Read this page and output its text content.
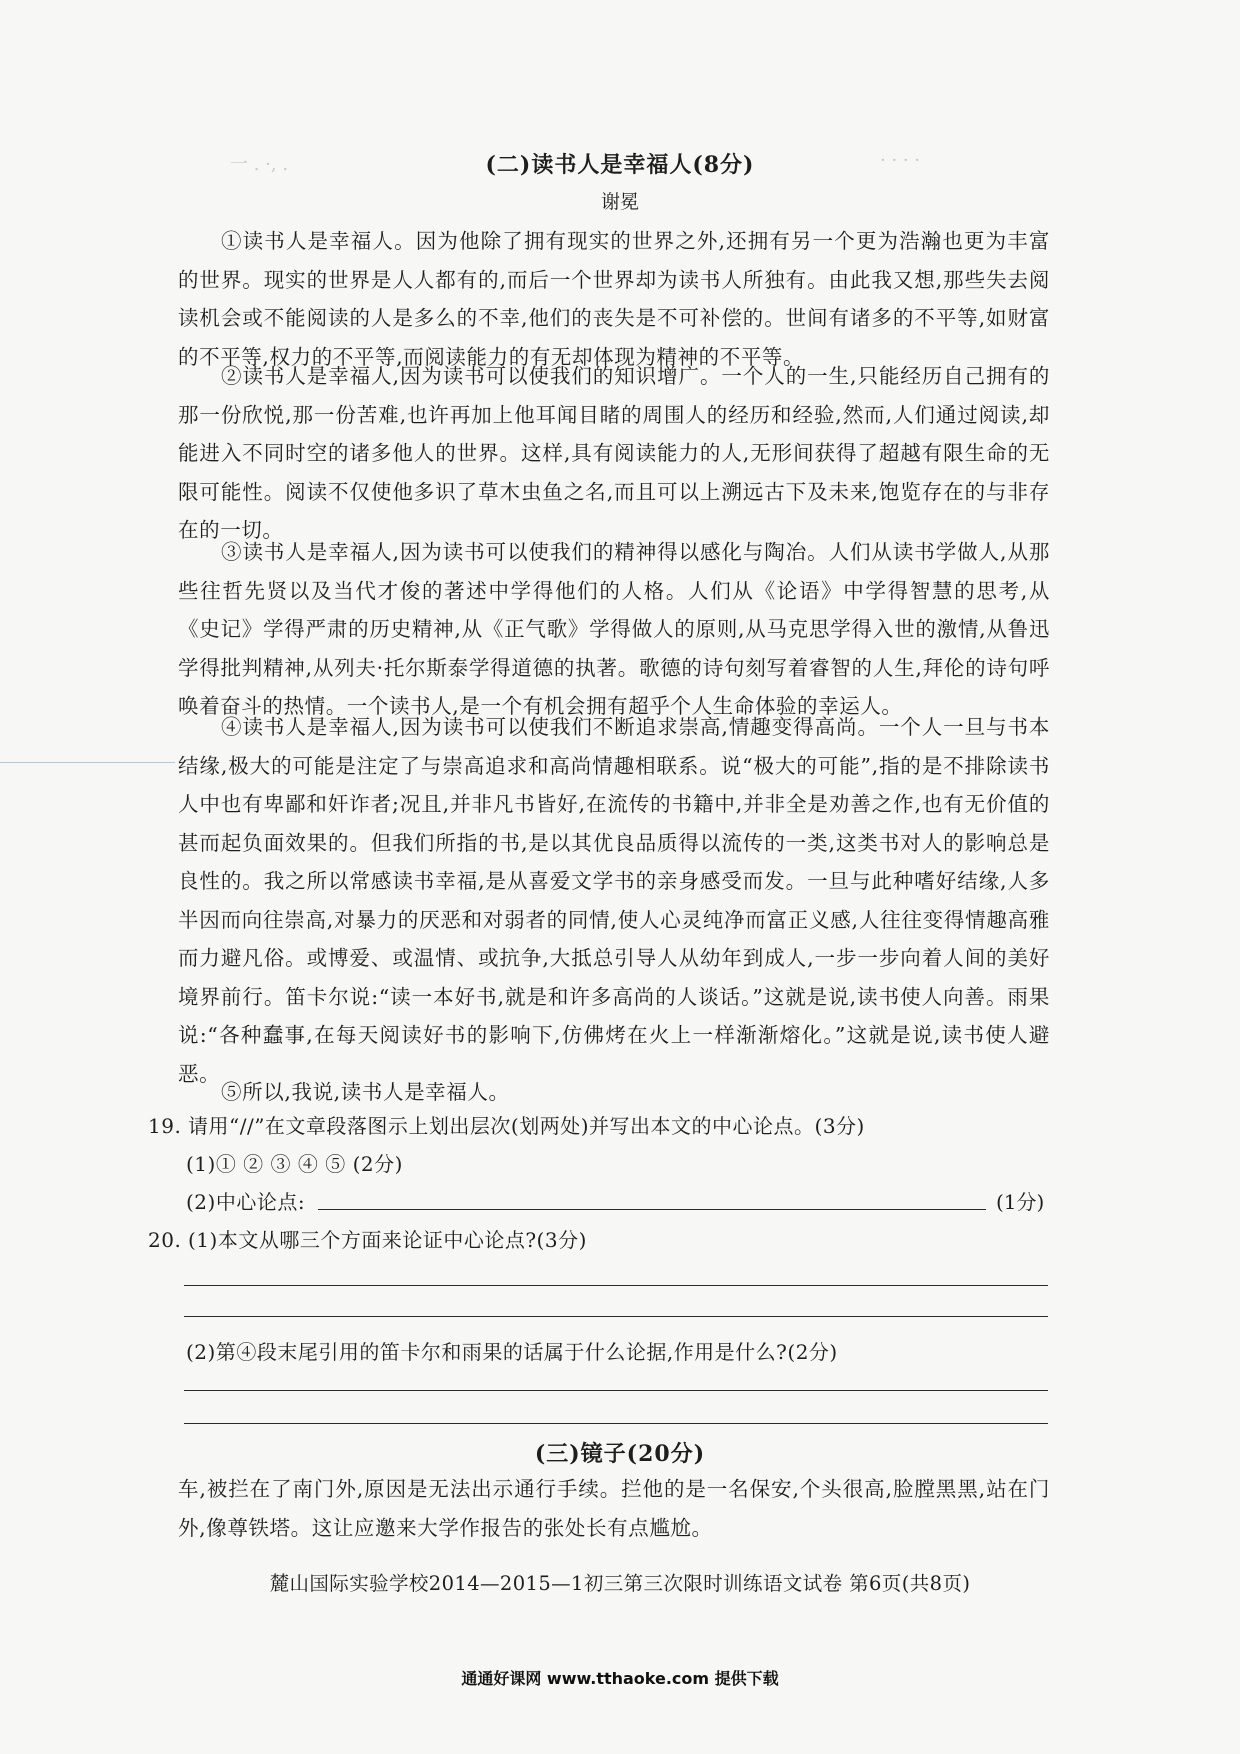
一 . ·, .	· · · ·
(二)读书人是幸福人(8分)
谢冕

①读书人是幸福人。因为他除了拥有现实的世界之外,还拥有另一个更为浩瀚也更为丰富的世界。现实的世界是人人都有的,而后一个世界却为读书人所独有。由此我又想,那些失去阅读机会或不能阅读的人是多么的不幸,他们的丧失是不可补偿的。世间有诸多的不平等,如财富的不平等,权力的不平等,而阅读能力的有无却体现为精神的不平等。

②读书人是幸福人,因为读书可以使我们的知识增广。一个人的一生,只能经历自己拥有的那一份欣悦,那一份苦难,也许再加上他耳闻目睹的周围人的经历和经验,然而,人们通过阅读,却能进入不同时空的诸多他人的世界。这样,具有阅读能力的人,无形间获得了超越有限生命的无限可能性。阅读不仅使他多识了草木虫鱼之名,而且可以上溯远古下及未来,饱览存在的与非存在的一切。

③读书人是幸福人,因为读书可以使我们的精神得以感化与陶冶。人们从读书学做人,从那些往哲先贤以及当代才俊的著述中学得他们的人格。人们从《论语》中学得智慧的思考,从《史记》学得严肃的历史精神,从《正气歌》学得做人的原则,从马克思学得入世的激情,从鲁迅学得批判精神,从列夫·托尔斯泰学得道德的执著。歌德的诗句刻写着睿智的人生,拜伦的诗句呼唤着奋斗的热情。一个读书人,是一个有机会拥有超乎个人生命体验的幸运人。

④读书人是幸福人,因为读书可以使我们不断追求崇高,情趣变得高尚。一个人一旦与书本结缘,极大的可能是注定了与崇高追求和高尚情趣相联系。说“极大的可能”,指的是不排除读书人中也有卑鄙和奸诈者;况且,并非凡书皆好,在流传的书籍中,并非全是劝善之作,也有无价值的甚而起负面效果的。但我们所指的书,是以其优良品质得以流传的一类,这类书对人的影响总是良性的。我之所以常感读书幸福,是从喜爱文学书的亲身感受而发。一旦与此种嗜好结缘,人多半因而向往崇高,对暴力的厌恶和对弱者的同情,使人心灵纯净而富正义感,人往往变得情趣高雅而力避凡俗。或博爱、或温情、或抗争,大抵总引导人从幼年到成人,一步一步向着人间的美好境界前行。笛卡尔说:“读一本好书,就是和许多高尚的人谈话。”这就是说,读书使人向善。雨果说:“各种蠢事,在每天阅读好书的影响下,仿佛烤在火上一样渐渐熔化。”这就是说,读书使人避恶。

⑤所以,我说,读书人是幸福人。

19. 请用“//”在文章段落图示上划出层次(划两处)并写出本文的中心论点。(3分)
(1)① ② ③ ④ ⑤ (2分)
(2)中心论点:	(1分)
20. (1)本文从哪三个方面来论证中心论点?(3分)
(2)第④段末尾引用的笛卡尔和雨果的话属于什么论据,作用是什么?(2分)
(三)镜子(20分)

车,被拦在了南门外,原因是无法出示通行手续。拦他的是一名保安,个头很高,脸膛黑黑,站在门外,像尊铁塔。这让应邀来大学作报告的张处长有点尴尬。

麓山国际实验学校2014—2015—1初三第三次限时训练语文试卷 第6页(共8页)
通通好课网 www.tthaoke.com 提供下载
